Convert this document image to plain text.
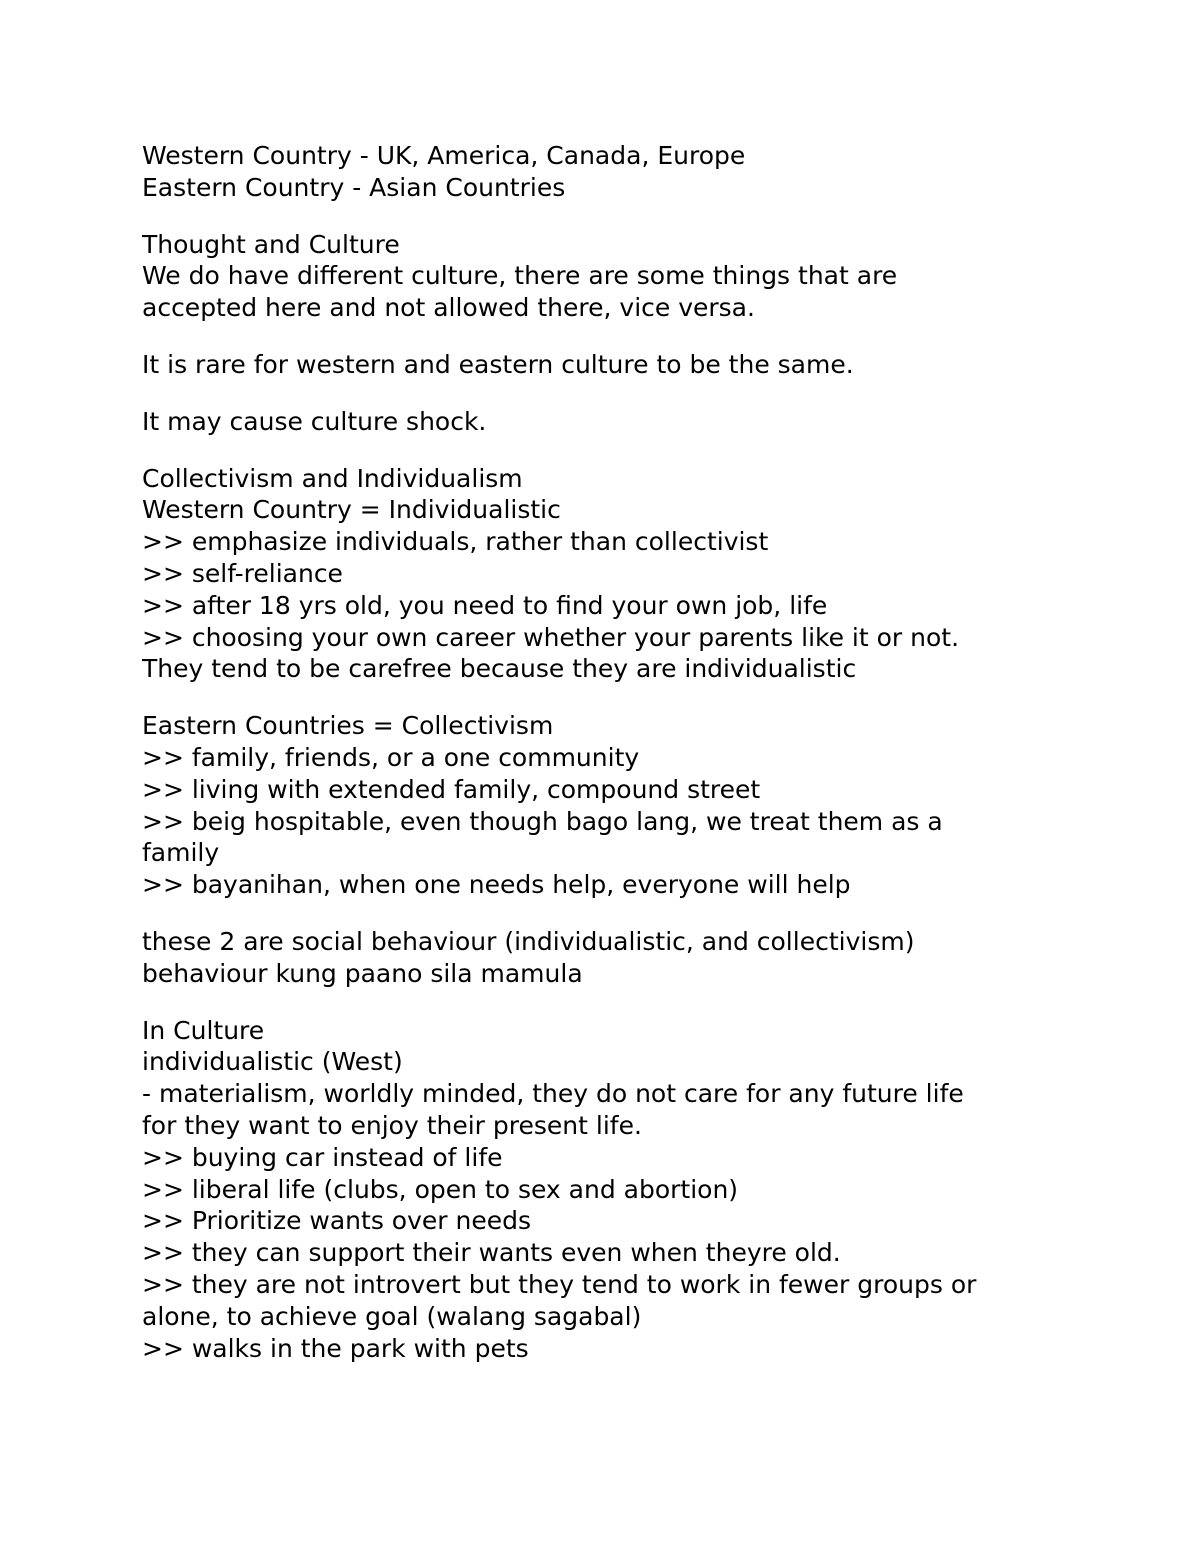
Western Country - UK, America, Canada, Europe
Eastern Country - Asian Countries
Thought and Culture
We do have different culture, there are some things that are
accepted here and not allowed there, vice versa.
It is rare for western and eastern culture to be the same.
It may cause culture shock.
Collectivism and Individualism
Western Country = Individualistic
>> emphasize individuals, rather than collectivist
>> self-reliance
>> after 18 yrs old, you need to find your own job, life
>> choosing your own career whether your parents like it or not.
They tend to be carefree because they are individualistic
Eastern Countries = Collectivism
>> family, friends, or a one community
>> living with extended family, compound street
>> beig hospitable, even though bago lang, we treat them as a
family
>> bayanihan, when one needs help, everyone will help
these 2 are social behaviour (individualistic, and collectivism)
behaviour kung paano sila mamula
In Culture
individualistic (West)
- materialism, worldly minded, they do not care for any future life
for they want to enjoy their present life.
>> buying car instead of life
>> liberal life (clubs, open to sex and abortion)
>> Prioritize wants over needs
>> they can support their wants even when theyre old.
>> they are not introvert but they tend to work in fewer groups or
alone, to achieve goal (walang sagabal)
>> walks in the park with pets
